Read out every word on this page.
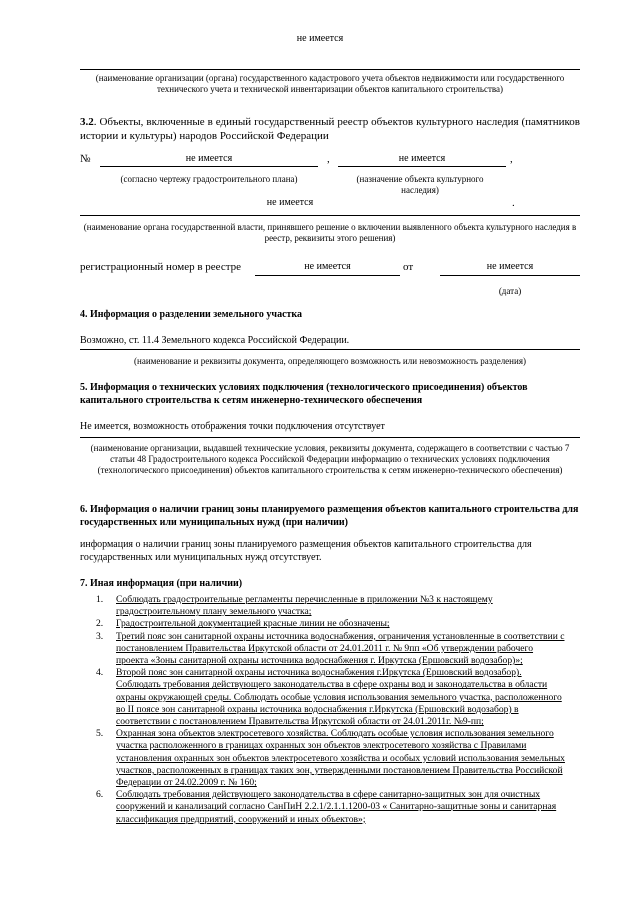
не имеется
(наименование организации (органа) государственного кадастрового учета объектов недвижимости или государственного технического учета и технической инвентаризации объектов капитального строительства)
3.2. Объекты, включенные в единый государственный реестр объектов культурного наследия (памятников истории и культуры) народов Российской Федерации
№	не имеется	,	не имеется	,
(согласно чертежу градостроительного плана)	(назначение объекта культурного наследия)
не имеется	.
(наименование органа государственной власти, принявшего решение о включении выявленного объекта культурного наследия в реестр, реквизиты этого решения)
регистрационный номер в реестре	не имеется	от	не имеется
(дата)
4. Информация о разделении земельного участка
Возможно, ст. 11.4 Земельного кодекса Российской Федерации.
(наименование и реквизиты документа, определяющего возможность или невозможность разделения)
5. Информация о технических условиях подключения (технологического присоединения) объектов капитального строительства к сетям инженерно-технического обеспечения
Не имеется, возможность отображения точки подключения отсутствует
(наименование организации, выдавшей технические условия, реквизиты документа, содержащего в соответствии с частью 7 статьи 48 Градостроительного кодекса Российской Федерации информацию о технических условиях подключения (технологического присоединения) объектов капитального строительства к сетям инженерно-технического обеспечения)
6. Информация о наличии границ зоны планируемого размещения объектов капитального строительства для государственных или муниципальных нужд (при наличии)
информация о наличии границ зоны планируемого размещения объектов капитального строительства для государственных или муниципальных нужд отсутствует.
7. Иная информация (при наличии)
1. Соблюдать градостроительные регламенты перечисленные в приложении №3 к настоящему градостроительному плану земельного участка;
2. Градостроительной документацией красные линии не обозначены;
3. Третий пояс зон санитарной охраны источника водоснабжения, ограничения установленные в соответствии с постановлением Правительства Иркутской области от 24.01.2011 г. № 9пп «Об утверждении рабочего проекта «Зоны санитарной охраны источника водоснабжения г. Иркутска (Ершовский водозабор)»;
4. Второй пояс зон санитарной охраны источника водоснабжения г.Иркутска (Ершовский водозабор). Соблюдать требования действующего законодательства в сфере охраны вод и законодательства в области охраны окружающей среды. Соблюдать особые условия использования земельного участка, расположенного во II поясе зон санитарной охраны источника водоснабжения г.Иркутска (Ершовский водозабор) в соответствии с постановлением Правительства Иркутской области от 24.01.2011г. №9-пп;
5. Охранная зона объектов электросетевого хозяйства. Соблюдать особые условия использования земельного участка расположенного в границах охранных зон объектов электросетевого хозяйства с Правилами установления охранных зон объектов электросетевого хозяйства и особых условий использования земельных участков, расположенных в границах таких зон, утвержденными постановлением Правительства Российской Федерации от 24.02.2009 г. № 160;
6. Соблюдать требования действующего законодательства в сфере санитарно-защитных зон для очистных сооружений и канализаций согласно СанПиН 2.2.1/2.1.1.1200-03 « Санитарно-защитные зоны и санитарная классификация предприятий, сооружений и иных объектов»;
